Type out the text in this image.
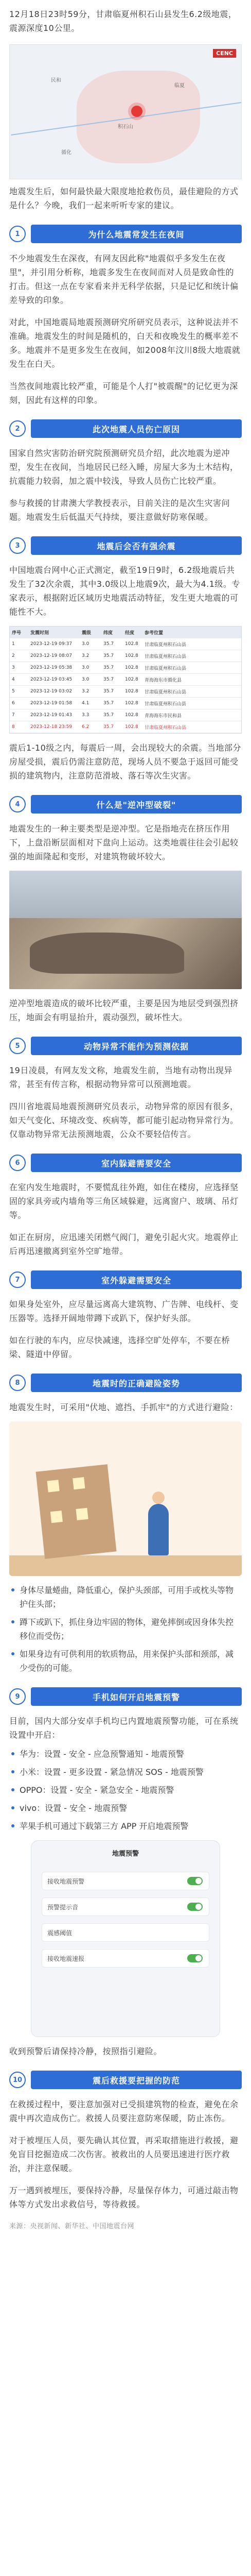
12月18日23时59分，甘肃临夏州积石山县发生6.2级地震，震源深度10公里。

CENC
积石山
临夏
循化
民和

地震发生后，如何最快最大限度地抢救伤员，最佳避险的方式是什么？今晚，我们一起来听听专家的建议。

1	为什么地震常发生在夜间

不少地震发生在深夜，有网友因此称"地震似乎多发生在夜里"，并引用分析称，地震多发生在夜间而对人员是致命性的打击。但这一点在专家看来并无科学依据，只是记忆和统计偏差导致的印象。

对此，中国地震局地震预测研究所研究员表示，这种说法并不准确。地震发生的时间是随机的，白天和夜晚发生的概率差不多。地震并不是更多发生在夜间，如2008年汶川8级大地震就发生在白天。

当然夜间地震比较严重，可能是个人打"被震醒"的记忆更为深刻，因此有这样的印象。

2	此次地震人员伤亡原因

国家自然灾害防治研究院预测研究员介绍，此次地震为逆冲型，发生在夜间，当地居民已经入睡，房屋大多为土木结构，抗震能力较弱，加之震中较浅，导致人员伤亡比较严重。

参与救援的甘肃澳大学教授表示，目前关注的是次生灾害问题。地震发生后低温天气持续，要注意做好防寒保暖。

3	地震后会否有强余震

中国地震台网中心正式测定，截至19日9时，6.2级地震后共发生了32次余震，其中3.0级以上地震9次，最大为4.1级。专家表示，根据附近区域历史地震活动特征，发生更大地震的可能性不大。

序号	发震时刻	震级	纬度	经度	参考位置
1	2023-12-19 09:37	3.0	35.7	102.8	甘肃临夏州积石山县
2	2023-12-19 08:07	3.2	35.7	102.8	甘肃临夏州积石山县
3	2023-12-19 05:38	3.0	35.7	102.8	甘肃临夏州积石山县
4	2023-12-19 03:45	3.0	35.7	102.8	青海海东市循化县
5	2023-12-19 03:02	3.2	35.7	102.8	甘肃临夏州积石山县
6	2023-12-19 01:58	4.1	35.7	102.8	甘肃临夏州积石山县
7	2023-12-19 01:43	3.3	35.7	102.8	青海海东市民和县
8	2023-12-18 23:59	6.2	35.7	102.8	甘肃临夏州积石山县

震后1-10级之内，每震后一周，会出现较大的余震。当地部分房屋受损，震后仍需注意防范，现场人员不要急于返回可能受损的建筑物内，注意防范滑坡、落石等次生灾害。

4	什么是"逆冲型破裂"

地震发生的一种主要类型是逆冲型。它是指地壳在挤压作用下，上盘沿断层面相对下盘向上运动。这类地震往往会引起较强的地面隆起和变形，对建筑物破坏较大。

逆冲型地震造成的破坏比较严重，主要是因为地层受到强烈挤压，地面会有明显抬升，震动强烈，破坏性大。

5	动物异常不能作为预测依据

19日凌晨，有网友发文称，地震发生前，当地有动物出现异常，甚至有传言称，根据动物异常可以预测地震。

四川省地震局地震预测研究员表示，动物异常的原因有很多，如天气变化、环境改变、疾病等，都可能引起动物异常行为。仅靠动物异常无法预测地震，公众不要轻信传言。

6	室内躲避需要安全

在室内发生地震时，不要慌乱往外跑，如住在楼房，应选择坚固的家具旁或内墙角等三角区域躲避，远离窗户、玻璃、吊灯等。

如正在厨房，应迅速关闭燃气阀门，避免引起火灾。地震停止后再迅速撤离到室外空旷地带。

7	室外躲避需要安全

如果身处室外，应尽量远离高大建筑物、广告牌、电线杆、变压器等。选择开阔地带蹲下或趴下，保护好头部。

如在行驶的车内，应尽快减速，选择空旷处停车，不要在桥梁、隧道中停留。

8	地震时的正确避险姿势

地震发生时，可采用"伏地、遮挡、手抓牢"的方式进行避险：

身体尽量蜷曲，降低重心，保护头颈部，可用手或枕头等物护住头部；
蹲下或趴下，抓住身边牢固的物体，避免摔倒或因身体失控移位而受伤；
如果身边有可供利用的软质物品，用来保护头部和颈部，减少受伤的可能。
9	手机如何开启地震预警

目前，国内大部分安卓手机均已内置地震预警功能，可在系统设置中开启：

华为：设置 - 安全 - 应急预警通知 - 地震预警
小米：设置 - 更多设置 - 紧急情况 SOS - 地震预警
OPPO：设置 - 安全 - 紧急安全 - 地震预警
vivo：设置 - 安全 - 地震预警
苹果手机可通过下载第三方 APP 开启地震预警
地震预警
接收地震预警
预警提示音
震感阈值
接收地震速报

收到预警后请保持冷静，按照指引避险。

10	震后救援要把握的防范

在救援过程中，要注意加强对已受损建筑物的检查，避免在余震中再次造成伤亡。救援人员要注意防寒保暖，防止冻伤。

对于被埋压人员，要先确认其位置，再采取措施进行救援，避免盲目挖掘造成二次伤害。被救出的人员要迅速进行医疗救治，并注意保暖。

万一遇到被埋压，要保持冷静，尽量保存体力，可通过敲击物体等方式发出求救信号，等待救援。

来源：央视新闻、新华社、中国地震台网
